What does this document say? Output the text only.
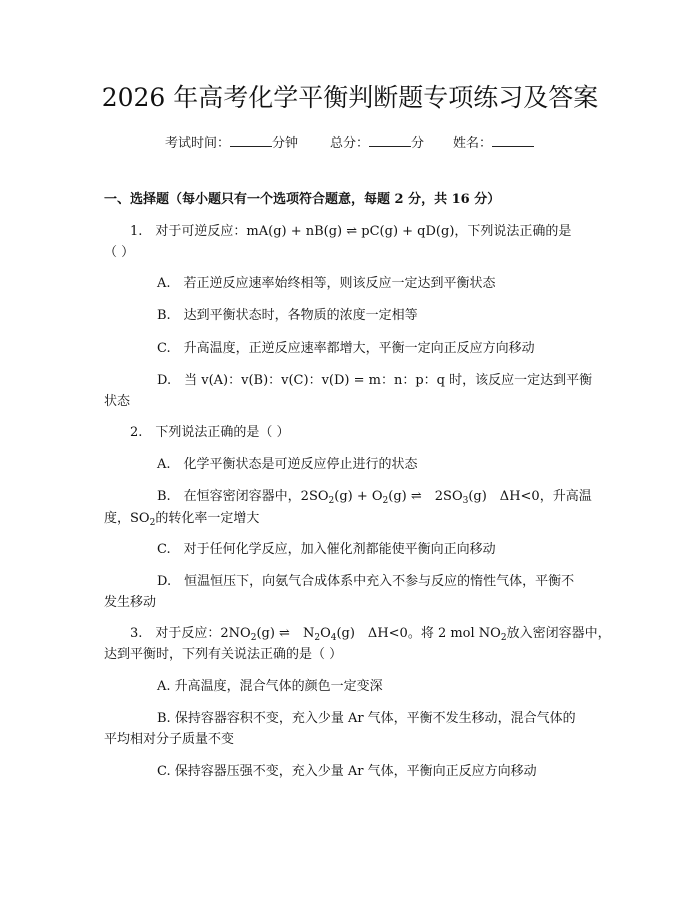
2026 年高考化学平衡判断题专项练习及答案
考试时间：	分钟 总分：	分 姓名：
一、选择题（每小题只有一个选项符合题意，每题 2 分，共 16 分）
1.　对于可逆反应：mA(g) + nB(g) ⇌ pC(g) + qD(g)，下列说法正确的是
（ ）
A.　若正逆反应速率始终相等，则该反应一定达到平衡状态
B.　达到平衡状态时，各物质的浓度一定相等
C.　升高温度，正逆反应速率都增大，平衡一定向正反应方向移动
D.　当 v(A)：v(B)：v(C)：v(D) = m：n：p：q 时，该反应一定达到平衡
状态
2.　下列说法正确的是（ ）
A.　化学平衡状态是可逆反应停止进行的状态
B.　在恒容密闭容器中，$2SO_2(g) + O_2(g)$ ⇌　$2SO_3(g)$　ΔH<0，升高温
度，$SO_2$的转化率一定增大
C.　对于任何化学反应，加入催化剂都能使平衡向正向移动
D.　恒温恒压下，向氨气合成体系中充入不参与反应的惰性气体，平衡不
发生移动
3.　对于反应：$2NO_2(g)$ ⇌　$N_2O_4(g)$　ΔH<0。将 2 mol $NO_2$放入密闭容器中，
达到平衡时，下列有关说法正确的是（ ）
A. 升高温度，混合气体的颜色一定变深
B. 保持容器容积不变，充入少量 Ar 气体，平衡不发生移动，混合气体的
平均相对分子质量不变
C. 保持容器压强不变，充入少量 Ar 气体，平衡向正反应方向移动
